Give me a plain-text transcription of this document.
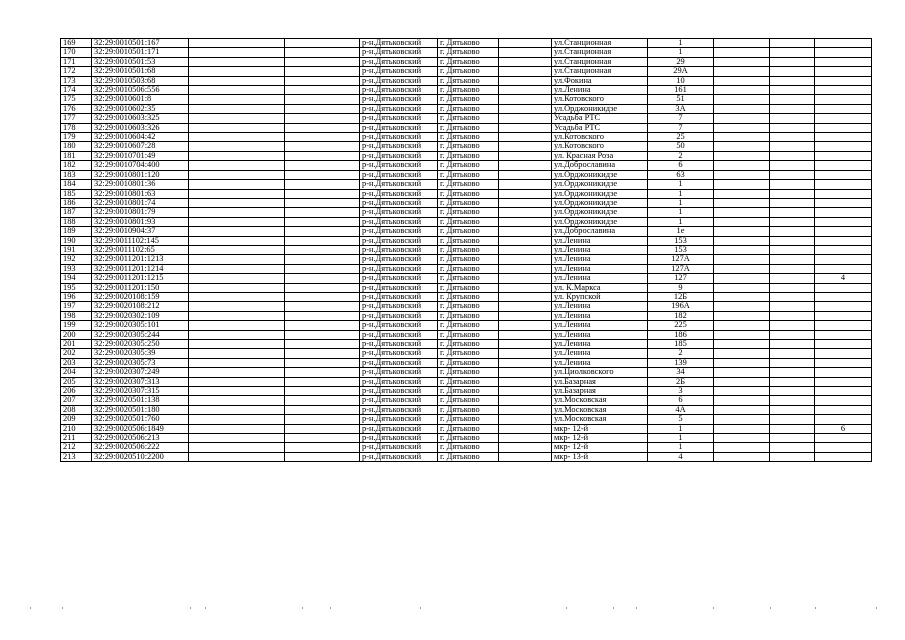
169	32:29:0010501:167			р-н.Дятьковский	г. Дятьково		ул.Станционная	1			
170	32:29:0010501:171			р-н.Дятьковский	г. Дятьково		ул.Станционная	1			
171	32:29:0010501:53			р-н.Дятьковский	г. Дятьково		ул.Станционная	29			
172	32:29:0010501:68			р-н.Дятьковский	г. Дятьково		ул.Станционная	29А			
173	32:29:0010503:68			р-н.Дятьковский	г. Дятьково		ул.Фокина	10			
174	32:29:0010506:556			р-н.Дятьковский	г. Дятьково		ул.Ленина	161			
175	32:29:0010601:8			р-н.Дятьковский	г. Дятьково		ул.Котовского	51			
176	32:29:0010602:35			р-н.Дятьковский	г. Дятьково		ул.Орджоникидзе	3А			
177	32:29:0010603:325			р-н.Дятьковский	г. Дятьково		Усадьба РТС	7			
178	32:29:0010603:326			р-н.Дятьковский	г. Дятьково		Усадьба РТС	7			
179	32:29:0010604:42			р-н.Дятьковский	г. Дятьково		ул.Котовского	25			
180	32:29:0010607:28			р-н.Дятьковский	г. Дятьково		ул.Котовского	50			
181	32:29:0010701:49			р-н.Дятьковский	г. Дятьково		ул. Красная Роза	2			
182	32:29:0010704:400			р-н.Дятьковский	г. Дятьково		ул.Доброславина	6			
183	32:29:0010801:120			р-н.Дятьковский	г. Дятьково		ул.Орджоникидзе	63			
184	32:29:0010801:36			р-н.Дятьковский	г. Дятьково		ул.Орджоникидзе	1			
185	32:29:0010801:63			р-н.Дятьковский	г. Дятьково		ул.Орджоникидзе	1			
186	32:29:0010801:74			р-н.Дятьковский	г. Дятьково		ул.Орджоникидзе	1			
187	32:29:0010801:79			р-н.Дятьковский	г. Дятьково		ул.Орджоникидзе	1			
188	32:29:0010801:93			р-н.Дятьковский	г. Дятьково		ул.Орджоникидзе	1			
189	32:29:0010904:37			р-н.Дятьковский	г. Дятьково		ул.Доброславина	1е			
190	32:29:0011102:145			р-н.Дятьковский	г. Дятьково		ул.Ленина	153			
191	32:29:0011102:65			р-н.Дятьковский	г. Дятьково		ул.Ленина	153			
192	32:29:0011201:1213			р-н.Дятьковский	г. Дятьково		ул.Ленина	127А			
193	32:29:0011201:1214			р-н.Дятьковский	г. Дятьково		ул.Ленина	127А			
194	32:29:0011201:1215			р-н.Дятьковский	г. Дятьково		ул.Ленина	127			4
195	32:29:0011201:150			р-н.Дятьковский	г. Дятьково		ул. К.Маркса	9			
196	32:29:0020108:159			р-н.Дятьковский	г. Дятьково		ул. Крупской	12Б			
197	32:29:0020108:212			р-н.Дятьковский	г. Дятьково		ул.Ленина	196А			
198	32:29:0020302:109			р-н.Дятьковский	г. Дятьково		ул.Ленина	182			
199	32:29:0020305:101			р-н.Дятьковский	г. Дятьково		ул.Ленина	225			
200	32:29:0020305:244			р-н.Дятьковский	г. Дятьково		ул.Ленина	186			
201	32:29:0020305:250			р-н.Дятьковский	г. Дятьково		ул.Ленина	185			
202	32:29:0020305:39			р-н.Дятьковский	г. Дятьково		ул.Ленина	2			
203	32:29:0020305:73			р-н.Дятьковский	г. Дятьково		ул.Ленина	139			
204	32:29:0020307:249			р-н.Дятьковский	г. Дятьково		ул.Циолковского	34			
205	32:29:0020307:313			р-н.Дятьковский	г. Дятьково		ул.Базарная	2Б			
206	32:29:0020307:315			р-н.Дятьковский	г. Дятьково		ул.Базарная	3			
207	32:29:0020501:138			р-н.Дятьковский	г. Дятьково		ул.Московская	6			
208	32:29:0020501:180			р-н.Дятьковский	г. Дятьково		ул.Московская	4А			
209	32:29:0020501:760			р-н.Дятьковский	г. Дятьково		ул.Московская	5			
210	32:29:0020506:1849			р-н.Дятьковский	г. Дятьково		мкр- 12-й	1			6
211	32:29:0020506:213			р-н.Дятьковский	г. Дятьково		мкр- 12-й	1			
212	32:29:0020506:222			р-н.Дятьковский	г. Дятьково		мкр- 12-й	1			
213	32:29:0020510:2200			р-н.Дятьковский	г. Дятьково		мкр- 13-й	4			
